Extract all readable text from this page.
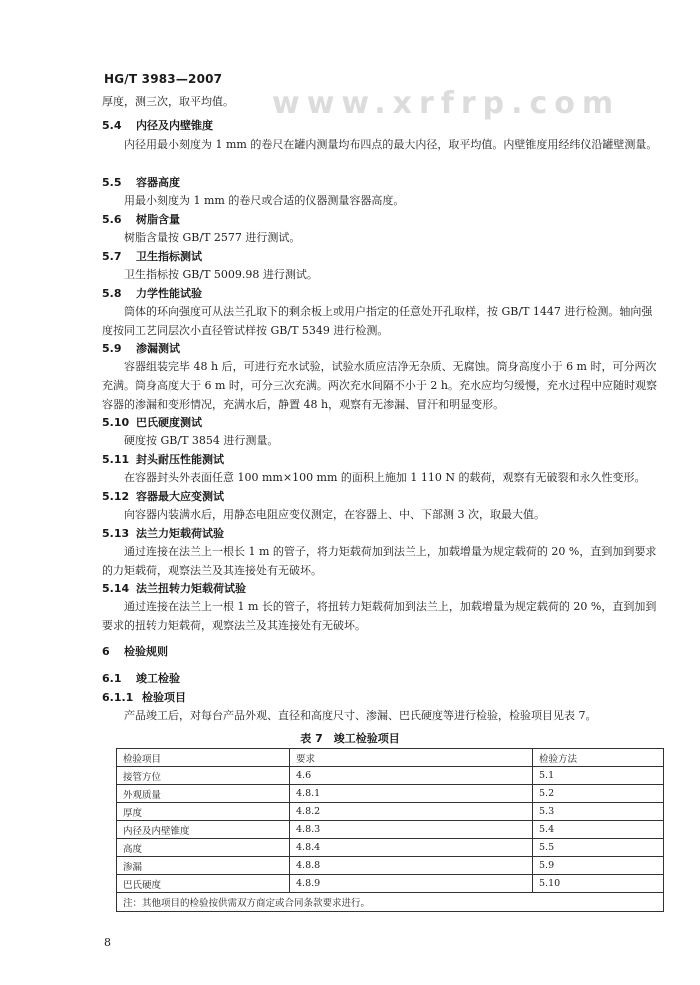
HG/T 3983—2007
www.xrfrp.com
厚度，测三次，取平均值。
5.4 内径及内壁锥度
内径用最小刻度为 1 mm 的卷尺在罐内测量均布四点的最大内径，取平均值。内壁锥度用经纬仪沿罐壁测量。
5.5 容器高度
用最小刻度为 1 mm 的卷尺或合适的仪器测量容器高度。
5.6 树脂含量
树脂含量按 GB/T 2577 进行测试。
5.7 卫生指标测试
卫生指标按 GB/T 5009.98 进行测试。
5.8 力学性能试验
筒体的环向强度可从法兰孔取下的剩余板上或用户指定的任意处开孔取样，按 GB/T 1447 进行检测。轴向强度按同工艺同层次小直径管试样按 GB/T 5349 进行检测。
5.9 渗漏测试
容器组装完毕 48 h 后，可进行充水试验，试验水质应洁净无杂质、无腐蚀。筒身高度小于 6 m 时，可分两次充满。筒身高度大于 6 m 时，可分三次充满。两次充水间隔不小于 2 h。充水应均匀缓慢，充水过程中应随时观察容器的渗漏和变形情况，充满水后，静置 48 h，观察有无渗漏、冒汗和明显变形。
5.10 巴氏硬度测试
硬度按 GB/T 3854 进行测量。
5.11 封头耐压性能测试
在容器封头外表面任意 100 mm×100 mm 的面积上施加 1 110 N 的载荷，观察有无破裂和永久性变形。
5.12 容器最大应变测试
向容器内装满水后，用静态电阻应变仪测定，在容器上、中、下部测 3 次，取最大值。
5.13 法兰力矩载荷试验
通过连接在法兰上一根长 1 m 的管子，将力矩载荷加到法兰上，加载增量为规定载荷的 20 %，直到加到要求的力矩载荷，观察法兰及其连接处有无破坏。
5.14 法兰扭转力矩载荷试验
通过连接在法兰上一根 1 m 长的管子，将扭转力矩载荷加到法兰上，加载增量为规定载荷的 20 %，直到加到要求的扭转力矩载荷，观察法兰及其连接处有无破坏。
6 检验规则
6.1 竣工检验
6.1.1 检验项目
产品竣工后，对每台产品外观、直径和高度尺寸、渗漏、巴氏硬度等进行检验，检验项目见表 7。
表 7　竣工检验项目
检验项目	要求	检验方法
接管方位	4.6	5.1
外观质量	4.8.1	5.2
厚度	4.8.2	5.3
内径及内壁锥度	4.8.3	5.4
高度	4.8.4	5.5
渗漏	4.8.8	5.9
巴氏硬度	4.8.9	5.10
注：其他项目的检验按供需双方商定或合同条款要求进行。		
8
